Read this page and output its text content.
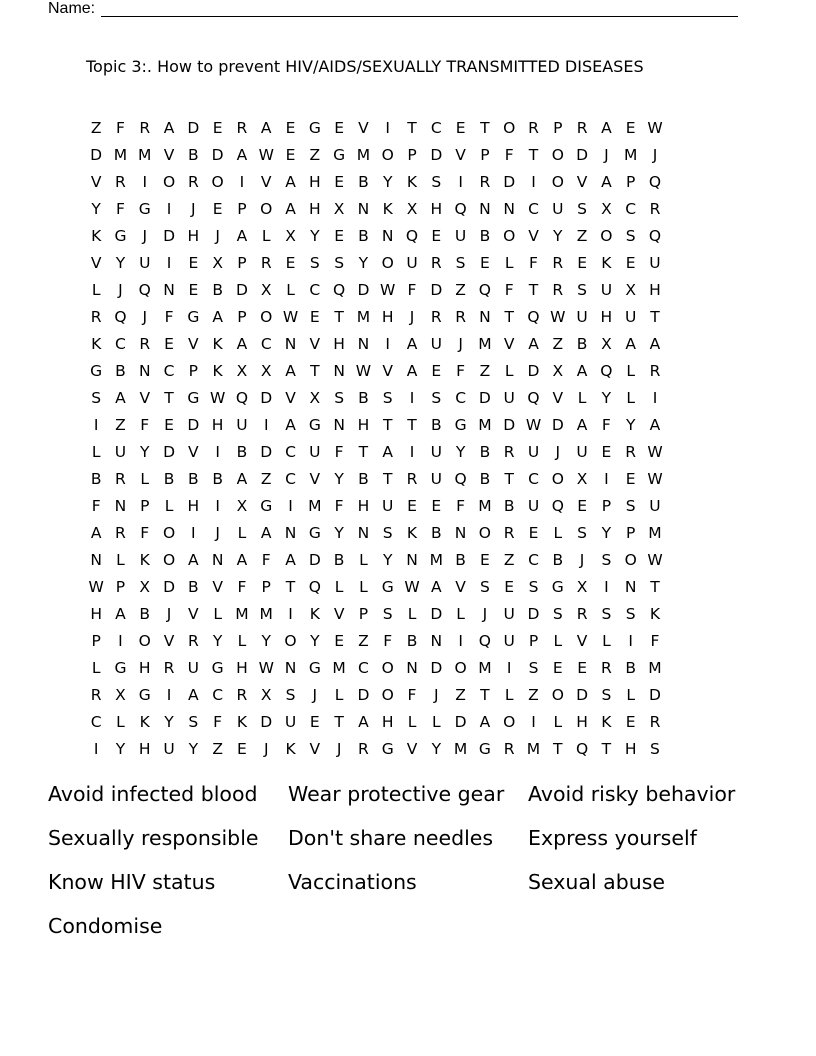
Name:
Topic 3:. How to prevent HIV/AIDS/SEXUALLY TRANSMITTED DISEASES
Z F R A D E R A E G E V	I	T C E T O R P R A E W
D M M V B D A W E Z G M O P D V P F T O D	J M J
V R	I	O R O	I	V A H E B Y K S	I	R D	I	O V A P Q
Y F G	I	J	E P O A H X N K X H Q N N C U S X C R
K G	J	D H	J	A L X Y E B N Q E U B O V Y Z O S Q
V Y U	I	E X P R E S S Y O U R S E L	F R E K E U
L	J	Q N E B D X L C Q D W F D Z Q F T R S U X H
R Q	J	F G A P O W E T M H	J	R R N T Q W U H U T
K C R E V K A C N V H N	I	A U	J M V A Z B X A A
G B N C P K X X A T N W V A E F Z L D X A Q L R
S A V T G W Q D V X S B S	I	S C D U Q V L Y L	I
I	Z F E D H U	I	A G N H T T B G M D W D A F Y A
L U Y D V	I	B D C U F T A	I	U Y B R U	J	U E R W
B R L B B B A Z C V Y B T R U Q B T C O X	I	E W
F N P L H	I	X G	I M F H U E E F M B U Q E P S U
A R F O	I	J	L A N G Y N S K B N O R E L S Y P M
N L K O A N A F A D B L Y N M B E Z C B	J	S O W
W P X D B V F P T Q L	L G W A V S E S G X	I	N T
H A B	J	V L M M I	K V P S L D L	J	U D S R S S K
P	I	O V R Y L Y O Y E Z F B N	I	Q U P L V L	I	F
L G H R U G H W N G M C O N D O M I	S E E R B M
R X G	I	A C R X S	J	L D O F	J	Z T L Z O D S L D
C L K Y S F K D U E T A H L	L D A O	I	L H K E R
I	Y H U Y Z E	J	K V	J	R G V Y M G R M T Q T H S
Avoid infected blood	Wear protective gear	Avoid risky behavior
Sexually responsible	Don't share needles	Express yourself
Know HIV status	Vaccinations	Sexual abuse
Condomise
